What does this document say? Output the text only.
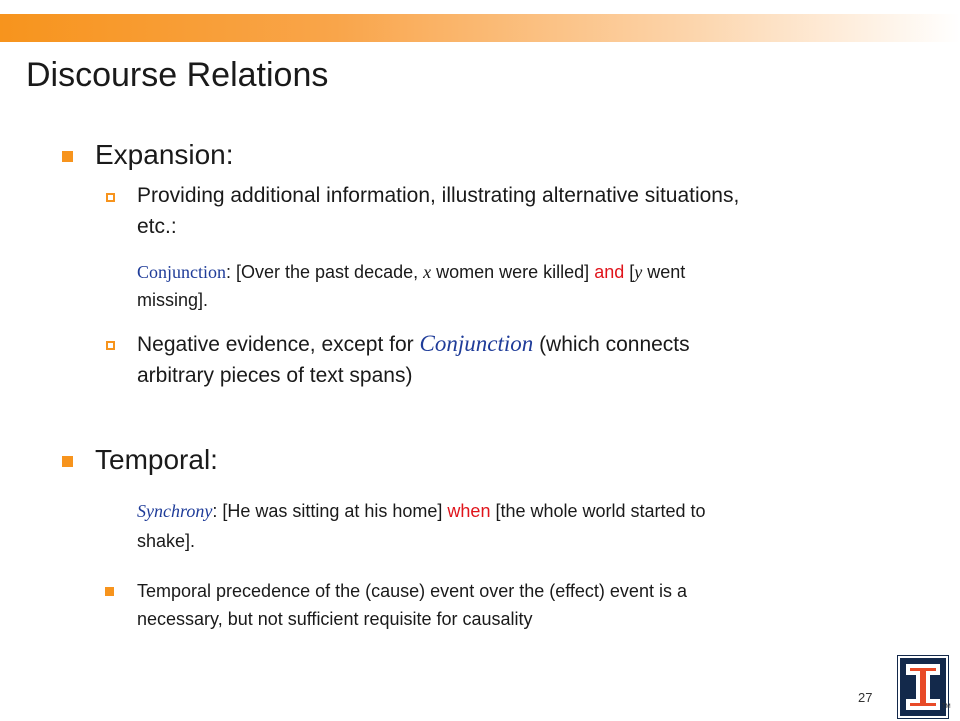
Discourse Relations
Expansion:
Providing additional information, illustrating alternative situations,
etc.:
Conjunction: [Over the past decade, x women were killed] and [y went
missing].
Negative evidence, except for Conjunction (which connects
arbitrary pieces of text spans)
Temporal:
Synchrony: [He was sitting at his home] when [the whole world started to
shake].
Temporal precedence of the (cause) event over the (effect) event is a
necessary, but not sufficient requisite for causality
27
TM
